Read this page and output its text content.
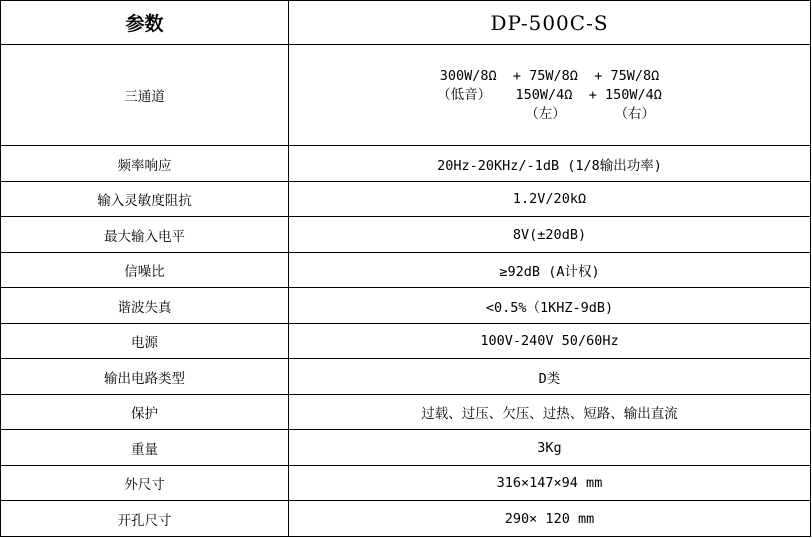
参数	DP-500C-S
三通道	300W/8Ω  + 75W/8Ω  + 75W/8Ω
（低音）   150W/4Ω  + 150W/4Ω
（左）      （右）

频率响应	20Hz-20KHz/-1dB (1/8输出功率)
输入灵敏度阻抗	1.2V/20kΩ
最大输入电平	8V(±20dB)
信噪比	≥92dB (A计权)
谐波失真	<0.5%（1KHZ-9dB)
电源	100V-240V 50/60Hz
输出电路类型	D类
保护	过载、过压、欠压、过热、短路、输出直流
重量	3Kg
外尺寸	316×147×94 mm
开孔尺寸	290× 120 mm
